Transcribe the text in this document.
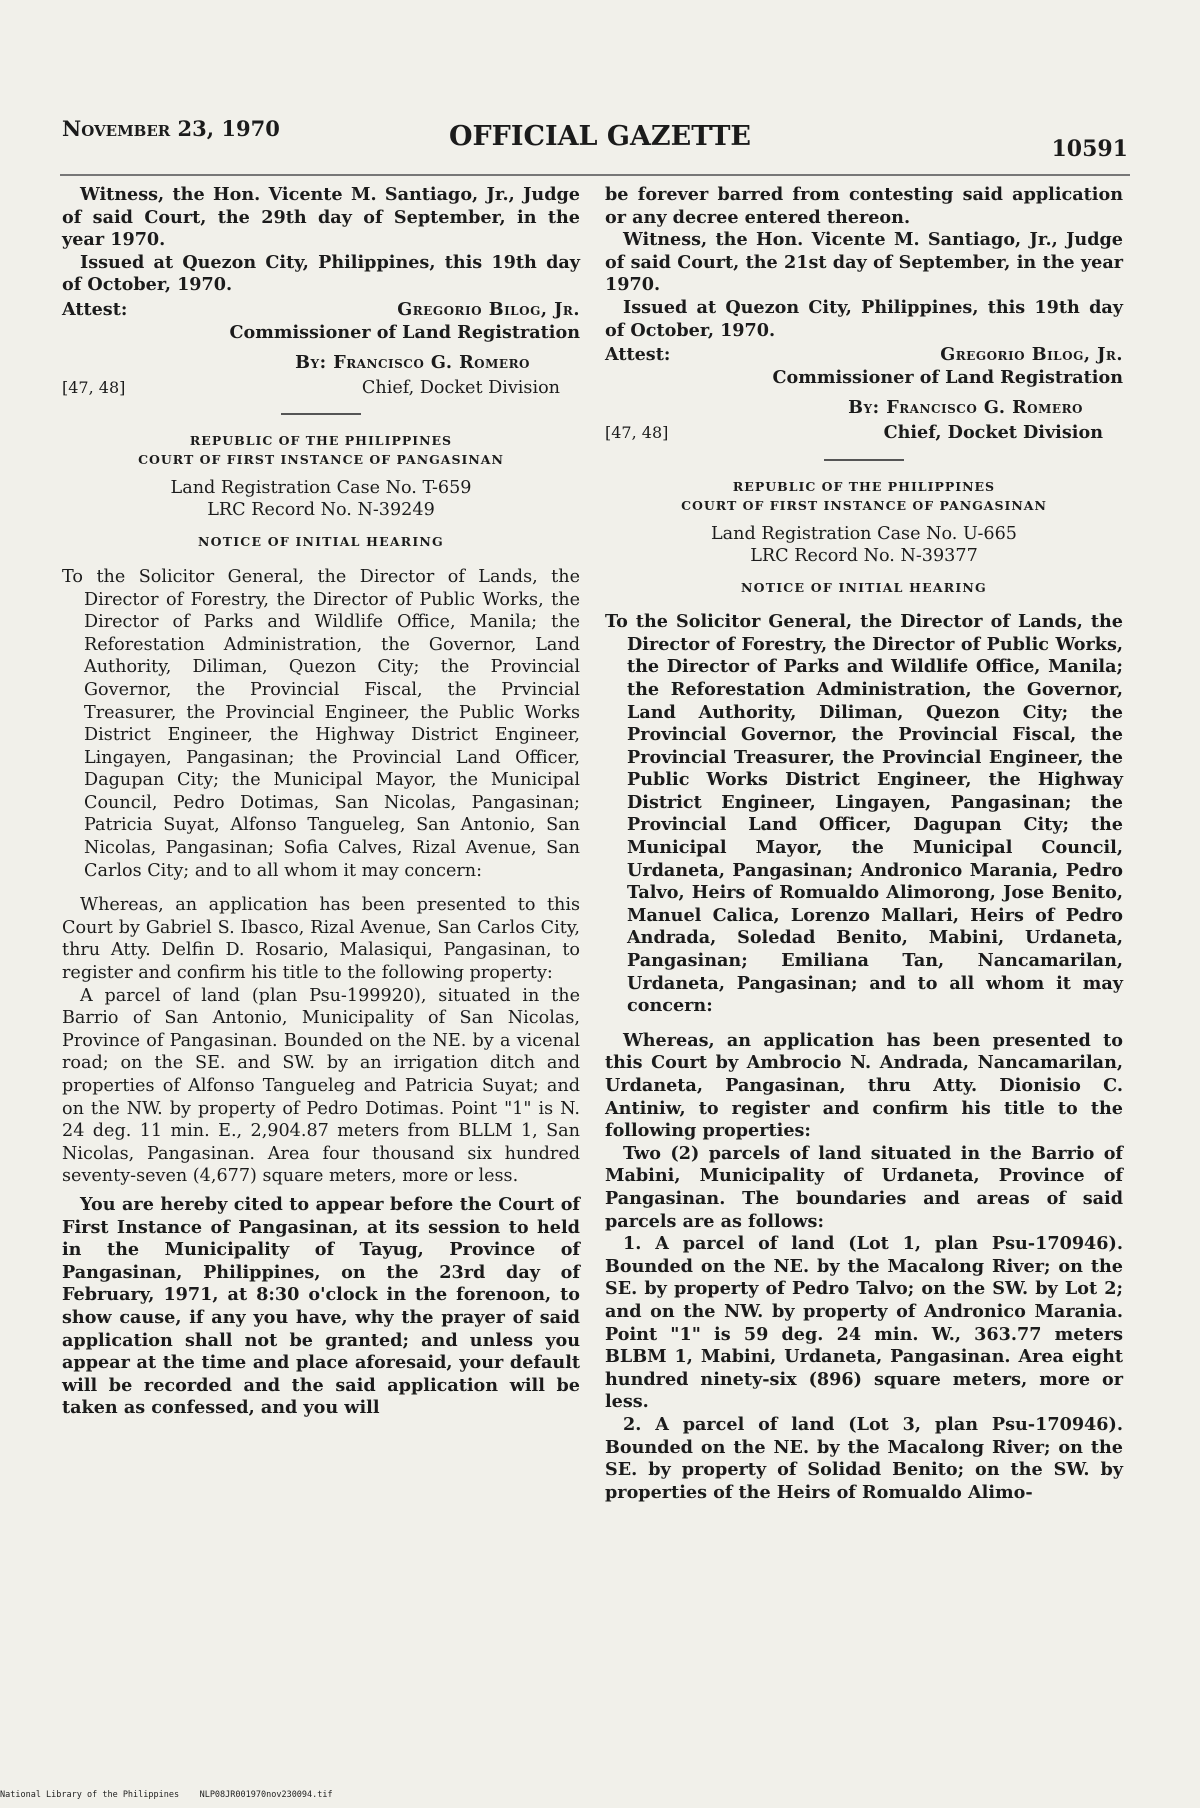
November 23, 1970	OFFICIAL GAZETTE	10591

Witness, the Hon. Vicente M. Santiago, Jr., Judge of said Court, the 29th day of September, in the year 1970.

Issued at Quezon City, Philippines, this 19th day of October, 1970.

Attest:	Gregorio Bilog, Jr.
Commissioner of Land Registration
By: Francisco G. Romero
[47, 48]	Chief, Docket Division
REPUBLIC OF THE PHILIPPINES
COURT OF FIRST INSTANCE OF PANGASINAN
Land Registration Case No. T-659
LRC Record No. N-39249
NOTICE OF INITIAL HEARING

To the Solicitor General, the Director of Lands, the Director of Forestry, the Director of Public Works, the Director of Parks and Wildlife Office, Manila; the Reforestation Administration, the Governor, Land Authority, Diliman, Quezon City; the Provincial Governor, the Provincial Fiscal, the Prvincial Treasurer, the Provincial Engineer, the Public Works District Engineer, the Highway District Engineer, Lingayen, Pangasinan; the Provincial Land Officer, Dagupan City; the Municipal Mayor, the Municipal Council, Pedro Dotimas, San Nicolas, Pangasinan; Patricia Suyat, Alfonso Tangueleg, San Antonio, San Nicolas, Pangasinan; Sofia Calves, Rizal Avenue, San Carlos City; and to all whom it may concern:

Whereas, an application has been presented to this Court by Gabriel S. Ibasco, Rizal Avenue, San Carlos City, thru Atty. Delfin D. Rosario, Malasiqui, Pangasinan, to register and confirm his title to the following property:

A parcel of land (plan Psu-199920), situated in the Barrio of San Antonio, Municipality of San Nicolas, Province of Pangasinan. Bounded on the NE. by a vicenal road; on the SE. and SW. by an irrigation ditch and properties of Alfonso Tangueleg and Patricia Suyat; and on the NW. by property of Pedro Dotimas. Point "1" is N. 24 deg. 11 min. E., 2,904.87 meters from BLLM 1, San Nicolas, Pangasinan. Area four thousand six hundred seventy-seven (4,677) square meters, more or less.

You are hereby cited to appear before the Court of First Instance of Pangasinan, at its session to held in the Municipality of Tayug, Province of Pangasinan, Philippines, on the 23rd day of February, 1971, at 8:30 o'clock in the forenoon, to show cause, if any you have, why the prayer of said application shall not be granted; and unless you appear at the time and place aforesaid, your default will be recorded and the said application will be taken as confessed, and you will

be forever barred from contesting said application or any decree entered thereon.

Witness, the Hon. Vicente M. Santiago, Jr., Judge of said Court, the 21st day of September, in the year 1970.

Issued at Quezon City, Philippines, this 19th day of October, 1970.

Attest:	Gregorio Bilog, Jr.
Commissioner of Land Registration
By: Francisco G. Romero
[47, 48]	Chief, Docket Division
REPUBLIC OF THE PHILIPPINES
COURT OF FIRST INSTANCE OF PANGASINAN
Land Registration Case No. U-665
LRC Record No. N-39377
NOTICE OF INITIAL HEARING

To the Solicitor General, the Director of Lands, the Director of Forestry, the Director of Public Works, the Director of Parks and Wildlife Office, Manila; the Reforestation Administration, the Governor, Land Authority, Diliman, Quezon City; the Provincial Governor, the Provincial Fiscal, the Provincial Treasurer, the Provincial Engineer, the Public Works District Engineer, the Highway District Engineer, Lingayen, Pangasinan; the Provincial Land Officer, Dagupan City; the Municipal Mayor, the Municipal Council, Urdaneta, Pangasinan; Andronico Marania, Pedro Talvo, Heirs of Romualdo Alimorong, Jose Benito, Manuel Calica, Lorenzo Mallari, Heirs of Pedro Andrada, Soledad Benito, Mabini, Urdaneta, Pangasinan; Emiliana Tan, Nancamarilan, Urdaneta, Pangasinan; and to all whom it may concern:

Whereas, an application has been presented to this Court by Ambrocio N. Andrada, Nancamarilan, Urdaneta, Pangasinan, thru Atty. Dionisio C. Antiniw, to register and confirm his title to the following properties:

Two (2) parcels of land situated in the Barrio of Mabini, Municipality of Urdaneta, Province of Pangasinan. The boundaries and areas of said parcels are as follows:

1. A parcel of land (Lot 1, plan Psu-170946). Bounded on the NE. by the Macalong River; on the SE. by property of Pedro Talvo; on the SW. by Lot 2; and on the NW. by property of Andronico Marania. Point "1" is 59 deg. 24 min. W., 363.77 meters BLBM 1, Mabini, Urdaneta, Pangasinan. Area eight hundred ninety-six (896) square meters, more or less.

2. A parcel of land (Lot 3, plan Psu-170946). Bounded on the NE. by the Macalong River; on the SE. by property of Solidad Benito; on the SW. by properties of the Heirs of Romualdo Alimo-

National Library of the Philippines    NLP08JR001970nov230094.tif
